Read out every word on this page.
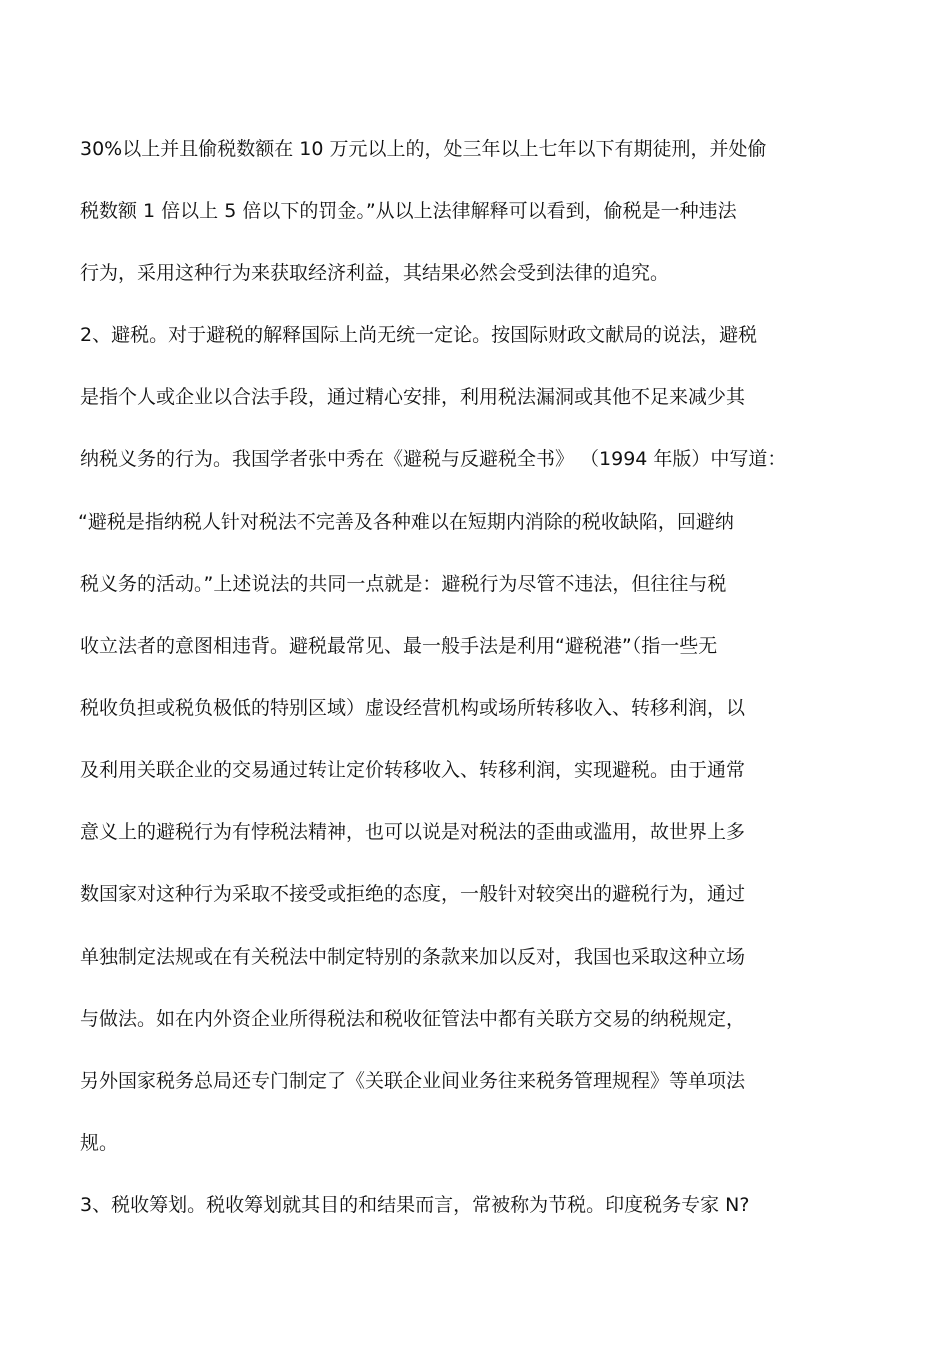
30%以上并且偷税数额在 10 万元以上的，处三年以上七年以下有期徒刑，并处偷
税数额 1 倍以上 5 倍以下的罚金。”从以上法律解释可以看到，偷税是一种违法
行为，采用这种行为来获取经济利益，其结果必然会受到法律的追究。
2、避税。对于避税的解释国际上尚无统一定论。按国际财政文献局的说法，避税
是指个人或企业以合法手段，通过精心安排，利用税法漏洞或其他不足来减少其
纳税义务的行为。我国学者张中秀在《避税与反避税全书》 （1994 年版）中写道：
“避税是指纳税人针对税法不完善及各种难以在短期内消除的税收缺陷，回避纳
税义务的活动。”上述说法的共同一点就是：避税行为尽管不违法，但往往与税
收立法者的意图相违背。避税最常见、最一般手法是利用“避税港”（指一些无
税收负担或税负极低的特别区域）虚设经营机构或场所转移收入、转移利润，以
及利用关联企业的交易通过转让定价转移收入、转移利润，实现避税。由于通常
意义上的避税行为有悖税法精神，也可以说是对税法的歪曲或滥用，故世界上多
数国家对这种行为采取不接受或拒绝的态度，一般针对较突出的避税行为，通过
单独制定法规或在有关税法中制定特别的条款来加以反对，我国也采取这种立场
与做法。如在内外资企业所得税法和税收征管法中都有关联方交易的纳税规定，
另外国家税务总局还专门制定了《关联企业间业务往来税务管理规程》等单项法
规。
3、税收筹划。税收筹划就其目的和结果而言，常被称为节税。印度税务专家 N?
